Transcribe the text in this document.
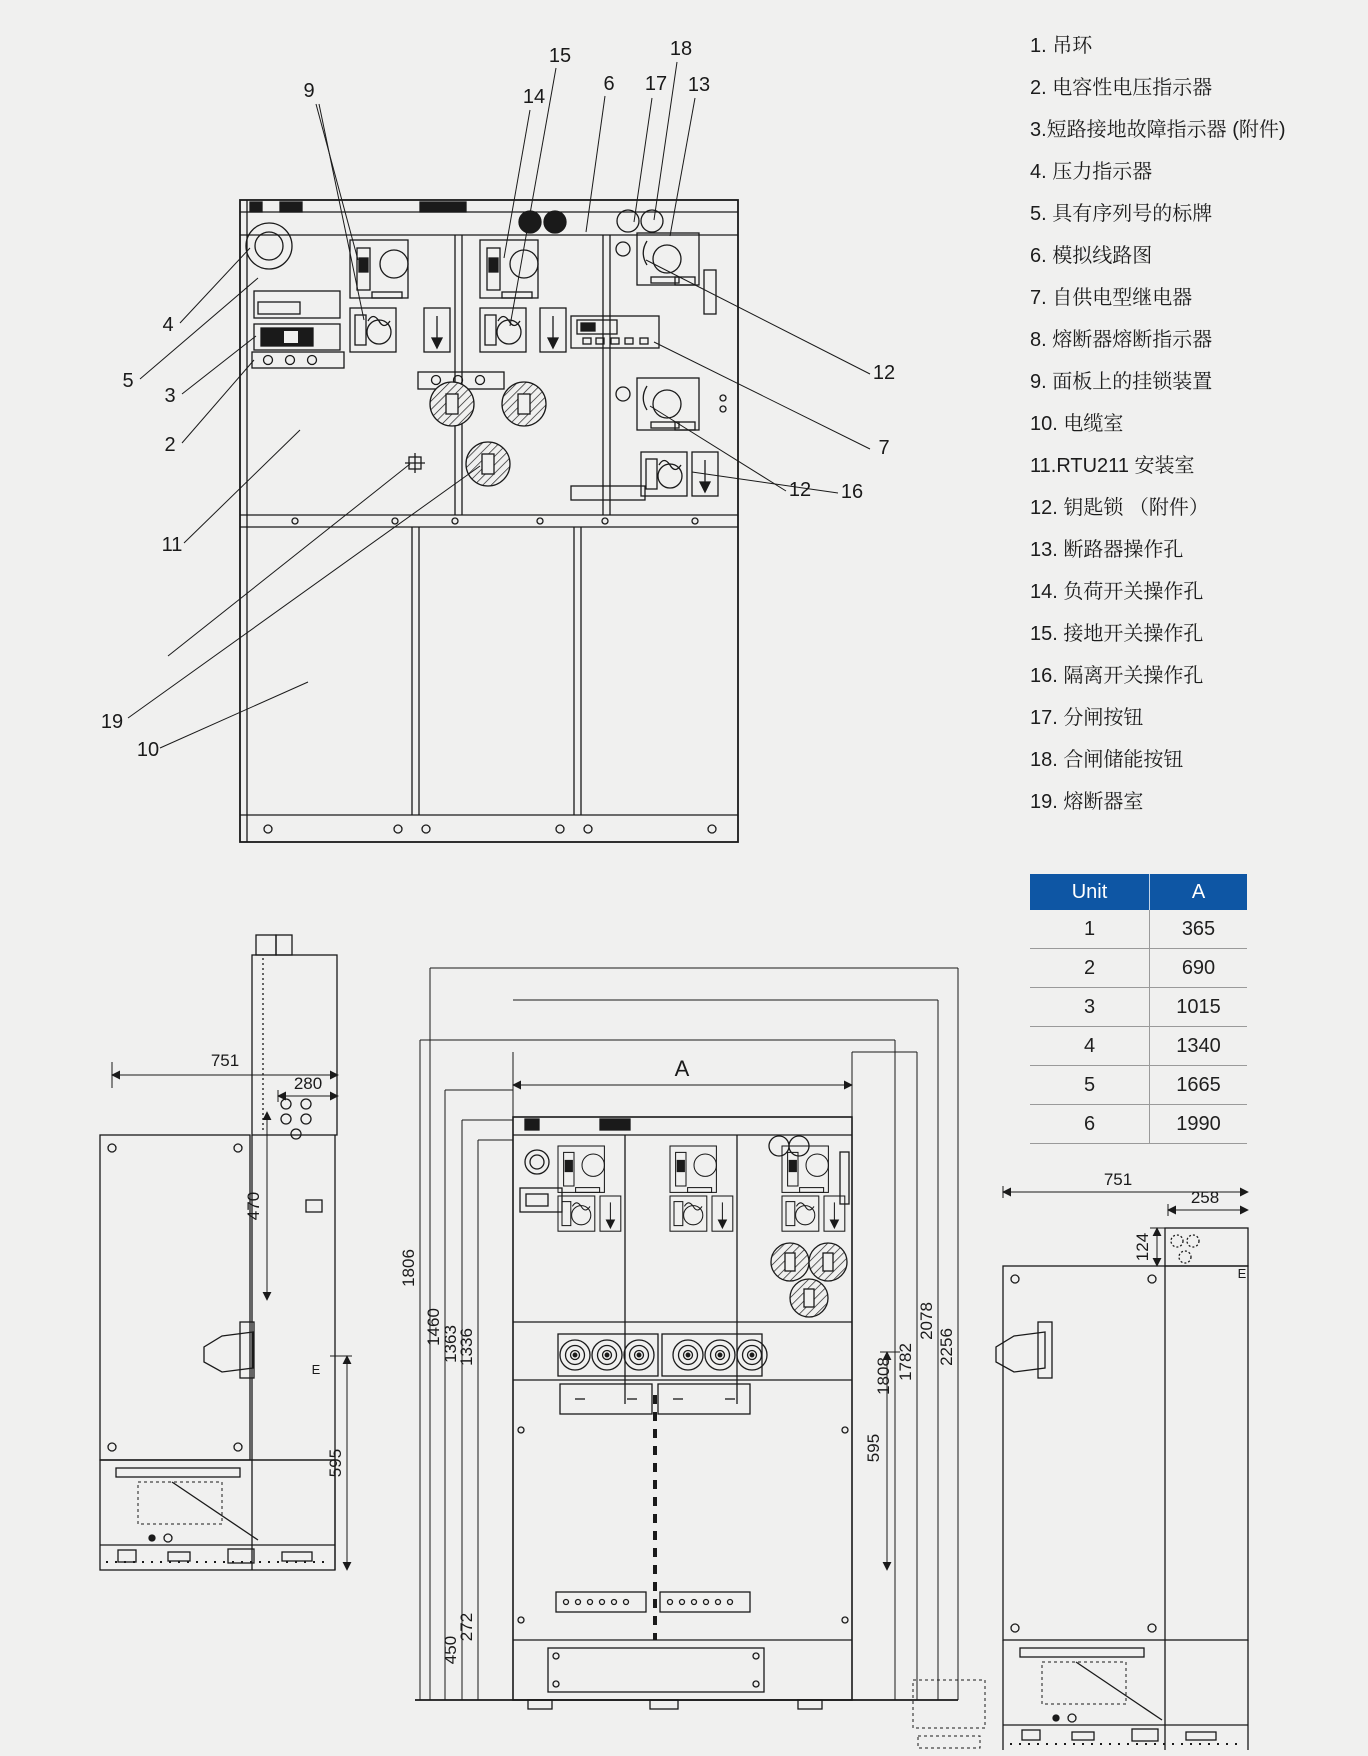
9
15
14
6 17
18
13
4
5
3
2
11
19
10
12
7
12 16
751
280
470
595
E
A
1806
1460
1363
1336
1808 1782
2078
2256
450
272
751
258
124
595
E
1. 吊环
2. 电容性电压指示器
3.短路接地故障指示器 (附件)
4. 压力指示器
5. 具有序列号的标牌
6. 模拟线路图
7. 自供电型继电器
8. 熔断器熔断指示器
9. 面板上的挂锁装置
10. 电缆室
11.RTU211 安装室
12. 钥匙锁 （附件）
13. 断路器操作孔
14. 负荷开关操作孔
15. 接地开关操作孔
16. 隔离开关操作孔
17. 分闸按钮
18. 合闸储能按钮
19. 熔断器室
Unit	A
1	365
2	690
3	1015
4	1340
5	1665
6	1990
